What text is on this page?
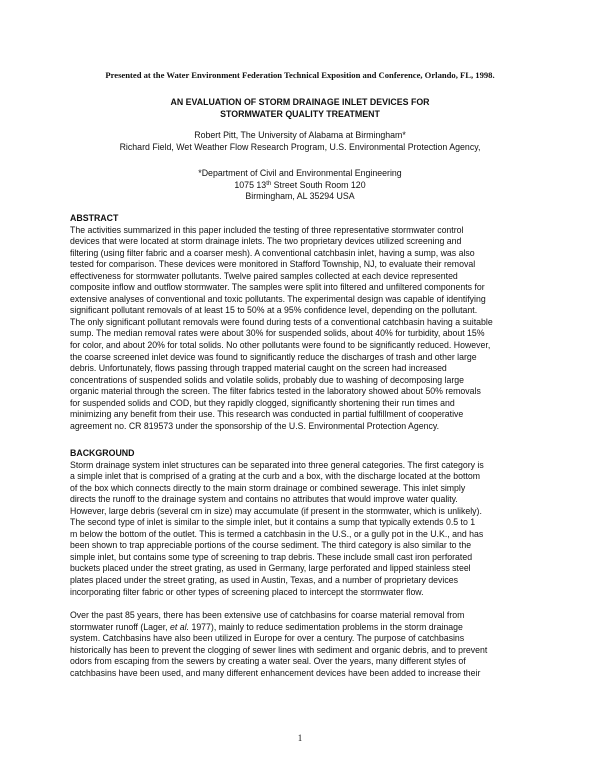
Presented at the Water Environment Federation Technical Exposition and Conference, Orlando, FL, 1998.
AN EVALUATION OF STORM DRAINAGE INLET DEVICES FOR
STORMWATER QUALITY TREATMENT
Robert Pitt, The University of Alabama at Birmingham*
Richard Field, Wet Weather Flow Research Program, U.S. Environmental Protection Agency,
*Department of Civil and Environmental Engineering
1075 13th Street South Room 120
Birmingham, AL 35294 USA
ABSTRACT
The activities summarized in this paper included the testing of three representative stormwater control
devices that were located at storm drainage inlets. The two proprietary devices utilized screening and
filtering (using filter fabric and a coarser mesh). A conventional catchbasin inlet, having a sump, was also
tested for comparison. These devices were monitored in Stafford Township, NJ, to evaluate their removal
effectiveness for stormwater pollutants. Twelve paired samples collected at each device represented
composite inflow and outflow stormwater. The samples were split into filtered and unfiltered components for
extensive analyses of conventional and toxic pollutants. The experimental design was capable of identifying
significant pollutant removals of at least 15 to 50% at a 95% confidence level, depending on the pollutant.
The only significant pollutant removals were found during tests of a conventional catchbasin having a suitable
sump. The median removal rates were about 30% for suspended solids, about 40% for turbidity, about 15%
for color, and about 20% for total solids. No other pollutants were found to be significantly reduced. However,
the coarse screened inlet device was found to significantly reduce the discharges of trash and other large
debris. Unfortunately, flows passing through trapped material caught on the screen had increased
concentrations of suspended solids and volatile solids, probably due to washing of decomposing large
organic material through the screen. The filter fabrics tested in the laboratory showed about 50% removals
for suspended solids and COD, but they rapidly clogged, significantly shortening their run times and
minimizing any benefit from their use. This research was conducted in partial fulfillment of cooperative
agreement no. CR 819573 under the sponsorship of the U.S. Environmental Protection Agency.
BACKGROUND
Storm drainage system inlet structures can be separated into three general categories. The first category is
a simple inlet that is comprised of a grating at the curb and a box, with the discharge located at the bottom
of the box which connects directly to the main storm drainage or combined sewerage. This inlet simply
directs the runoff to the drainage system and contains no attributes that would improve water quality.
However, large debris (several cm in size) may accumulate (if present in the stormwater, which is unlikely).
The second type of inlet is similar to the simple inlet, but it contains a sump that typically extends 0.5 to 1
m below the bottom of the outlet. This is termed a catchbasin in the U.S., or a gully pot in the U.K., and has
been shown to trap appreciable portions of the course sediment. The third category is also similar to the
simple inlet, but contains some type of screening to trap debris. These include small cast iron perforated
buckets placed under the street grating, as used in Germany, large perforated and lipped stainless steel
plates placed under the street grating, as used in Austin, Texas, and a number of proprietary devices
incorporating filter fabric or other types of screening placed to intercept the stormwater flow.
Over the past 85 years, there has been extensive use of catchbasins for coarse material removal from
stormwater runoff (Lager, et al. 1977), mainly to reduce sedimentation problems in the storm drainage
system. Catchbasins have also been utilized in Europe for over a century. The purpose of catchbasins
historically has been to prevent the clogging of sewer lines with sediment and organic debris, and to prevent
odors from escaping from the sewers by creating a water seal. Over the years, many different styles of
catchbasins have been used, and many different enhancement devices have been added to increase their
1
